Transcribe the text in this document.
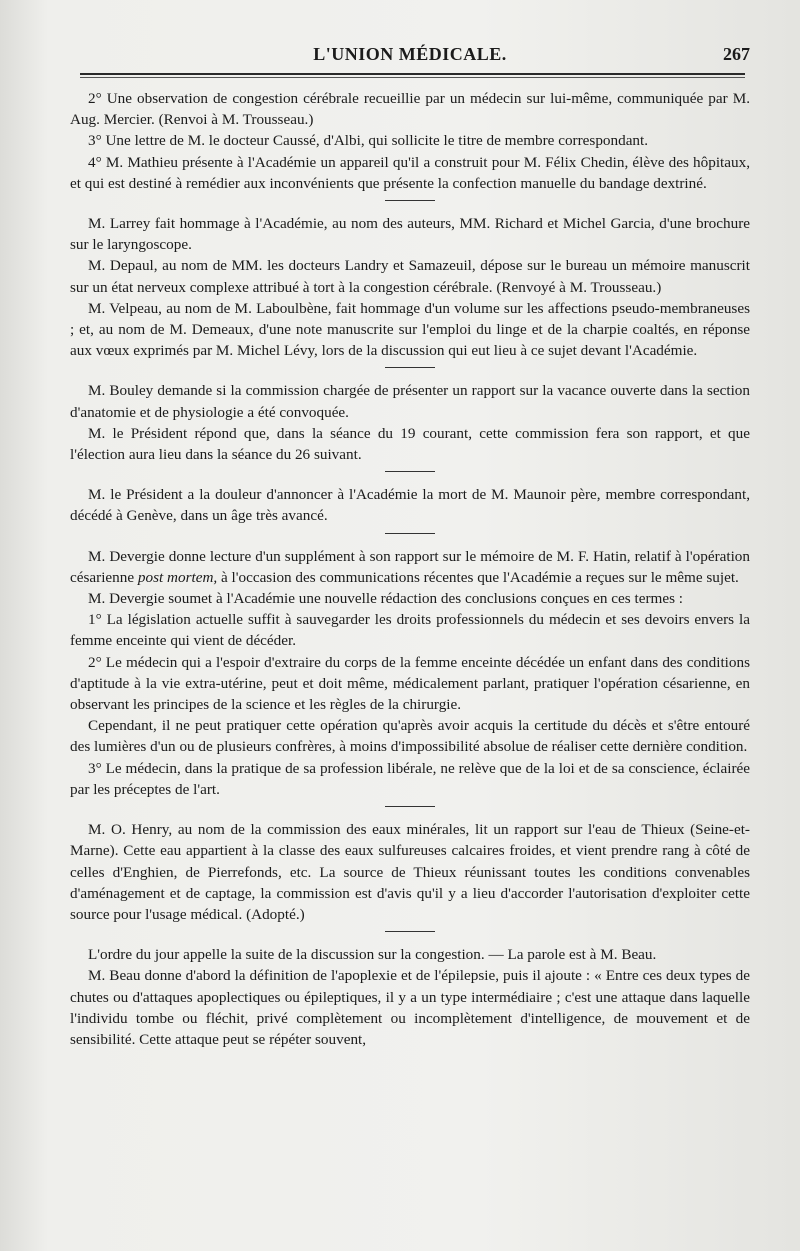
L'UNION MÉDICALE.	267

2° Une observation de congestion cérébrale recueillie par un médecin sur lui-même, communiquée par M. Aug. Mercier. (Renvoi à M. Trousseau.)

3° Une lettre de M. le docteur Caussé, d'Albi, qui sollicite le titre de membre correspondant.

4° M. Mathieu présente à l'Académie un appareil qu'il a construit pour M. Félix Chedin, élève des hôpitaux, et qui est destiné à remédier aux inconvénients que présente la confection manuelle du bandage dextriné.

M. Larrey fait hommage à l'Académie, au nom des auteurs, MM. Richard et Michel Garcia, d'une brochure sur le laryngoscope.

M. Depaul, au nom de MM. les docteurs Landry et Samazeuil, dépose sur le bureau un mémoire manuscrit sur un état nerveux complexe attribué à tort à la congestion cérébrale. (Renvoyé à M. Trousseau.)

M. Velpeau, au nom de M. Laboulbène, fait hommage d'un volume sur les affections pseudo-membraneuses ; et, au nom de M. Demeaux, d'une note manuscrite sur l'emploi du linge et de la charpie coaltés, en réponse aux vœux exprimés par M. Michel Lévy, lors de la discussion qui eut lieu à ce sujet devant l'Académie.

M. Bouley demande si la commission chargée de présenter un rapport sur la vacance ouverte dans la section d'anatomie et de physiologie a été convoquée.

M. le Président répond que, dans la séance du 19 courant, cette commission fera son rapport, et que l'élection aura lieu dans la séance du 26 suivant.

M. le Président a la douleur d'annoncer à l'Académie la mort de M. Maunoir père, membre correspondant, décédé à Genève, dans un âge très avancé.

M. Devergie donne lecture d'un supplément à son rapport sur le mémoire de M. F. Hatin, relatif à l'opération césarienne post mortem, à l'occasion des communications récentes que l'Académie a reçues sur le même sujet.

M. Devergie soumet à l'Académie une nouvelle rédaction des conclusions conçues en ces termes :

1° La législation actuelle suffit à sauvegarder les droits professionnels du médecin et ses devoirs envers la femme enceinte qui vient de décéder.

2° Le médecin qui a l'espoir d'extraire du corps de la femme enceinte décédée un enfant dans des conditions d'aptitude à la vie extra-utérine, peut et doit même, médicalement parlant, pratiquer l'opération césarienne, en observant les principes de la science et les règles de la chirurgie.

Cependant, il ne peut pratiquer cette opération qu'après avoir acquis la certitude du décès et s'être entouré des lumières d'un ou de plusieurs confrères, à moins d'impossibilité absolue de réaliser cette dernière condition.

3° Le médecin, dans la pratique de sa profession libérale, ne relève que de la loi et de sa conscience, éclairée par les préceptes de l'art.

M. O. Henry, au nom de la commission des eaux minérales, lit un rapport sur l'eau de Thieux (Seine-et-Marne). Cette eau appartient à la classe des eaux sulfureuses calcaires froides, et vient prendre rang à côté de celles d'Enghien, de Pierrefonds, etc. La source de Thieux réunissant toutes les conditions convenables d'aménagement et de captage, la commission est d'avis qu'il y a lieu d'accorder l'autorisation d'exploiter cette source pour l'usage médical. (Adopté.)

L'ordre du jour appelle la suite de la discussion sur la congestion. — La parole est à M. Beau.

M. Beau donne d'abord la définition de l'apoplexie et de l'épilepsie, puis il ajoute : « Entre ces deux types de chutes ou d'attaques apoplectiques ou épileptiques, il y a un type intermédiaire ; c'est une attaque dans laquelle l'individu tombe ou fléchit, privé complètement ou incomplètement d'intelligence, de mouvement et de sensibilité. Cette attaque peut se répéter souvent,
